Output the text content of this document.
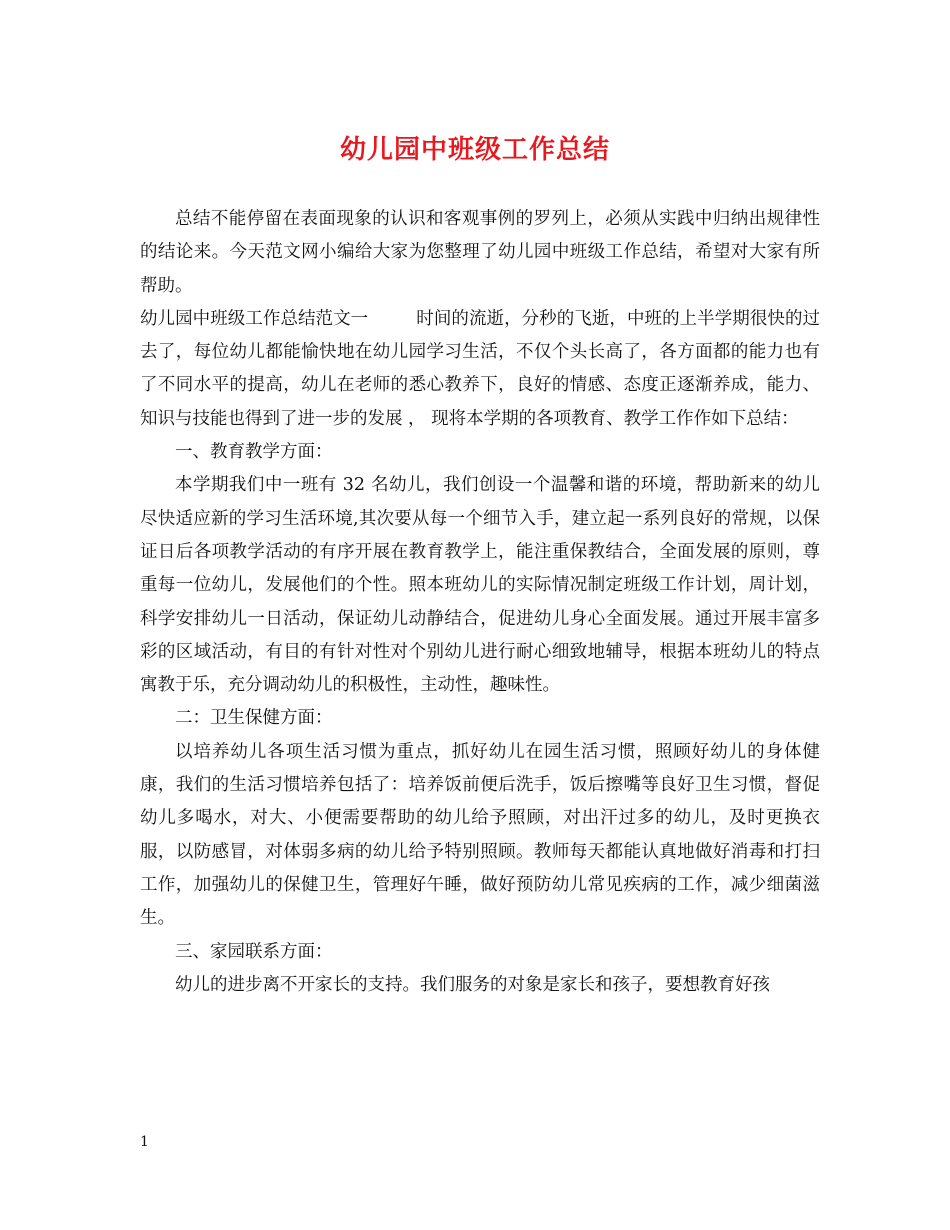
幼儿园中班级工作总结

总结不能停留在表面现象的认识和客观事例的罗列上，必须从实践中归纳出规律性的结论来。今天范文网小编给大家为您整理了幼儿园中班级工作总结，希望对大家有所帮助。

幼儿园中班级工作总结范文一	时间的流逝，分秒的飞逝，中班的上半学期很快的过去了，每位幼儿都能愉快地在幼儿园学习生活，不仅个头长高了，各方面都的能力也有了不同水平的提高，幼儿在老师的悉心教养下，良好的情感、态度正逐渐养成，能力、知识与技能也得到了进一步的发展 ， 现将本学期的各项教育、教学工作作如下总结：

一、教育教学方面：

本学期我们中一班有 32 名幼儿，我们创设一个温馨和谐的环境，帮助新来的幼儿尽快适应新的学习生活环境,其次要从每一个细节入手，建立起一系列良好的常规，以保证日后各项教学活动的有序开展在教育教学上，能注重保教结合，全面发展的原则，尊重每一位幼儿，发展他们的个性。照本班幼儿的实际情况制定班级工作计划，周计划，科学安排幼儿一日活动，保证幼儿动静结合，促进幼儿身心全面发展。通过开展丰富多彩的区域活动，有目的有针对性对个别幼儿进行耐心细致地辅导，根据本班幼儿的特点寓教于乐，充分调动幼儿的积极性，主动性，趣味性。

二：卫生保健方面：

以培养幼儿各项生活习惯为重点，抓好幼儿在园生活习惯，照顾好幼儿的身体健康，我们的生活习惯培养包括了：培养饭前便后洗手，饭后擦嘴等良好卫生习惯，督促幼儿多喝水，对大、小便需要帮助的幼儿给予照顾，对出汗过多的幼儿，及时更换衣服，以防感冒，对体弱多病的幼儿给予特别照顾。教师每天都能认真地做好消毒和打扫工作，加强幼儿的保健卫生，管理好午睡，做好预防幼儿常见疾病的工作，减少细菌滋生。

三、家园联系方面：

幼儿的进步离不开家长的支持。我们服务的对象是家长和孩子，要想教育好孩

1
